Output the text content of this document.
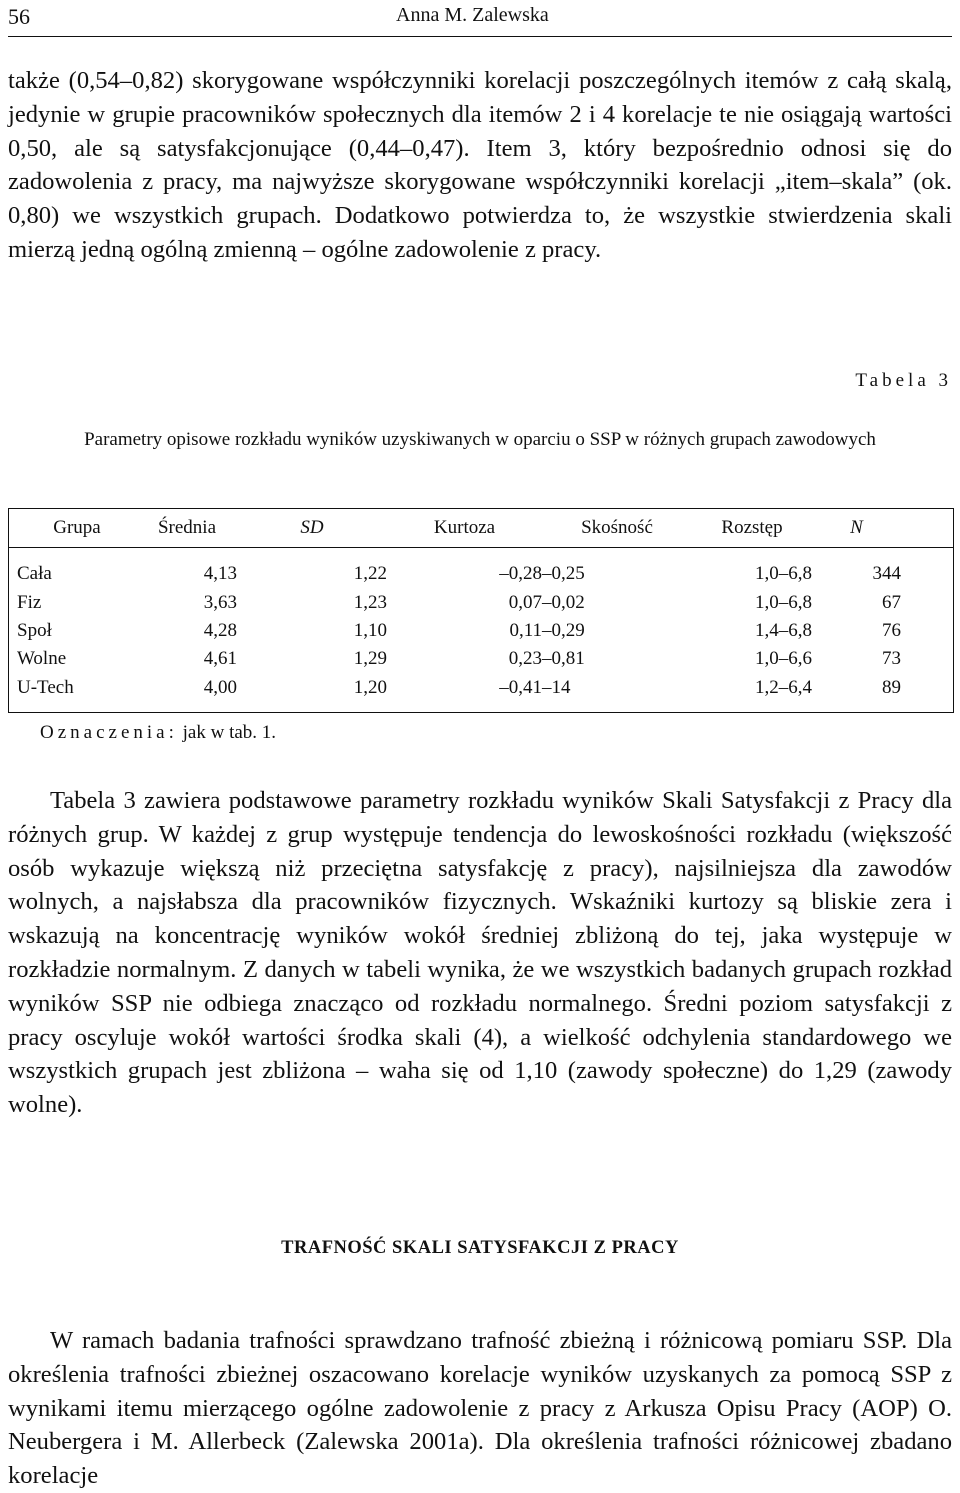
56	Anna M. Zalewska

także (0,54–0,82) skorygowane współczynniki korelacji poszczególnych itemów z całą skalą, jedynie w grupie pracowników społecznych dla itemów 2 i 4 korelacje te nie osiągają wartości 0,50, ale są satysfakcjonujące (0,44–0,47). Item 3, który bezpośrednio odnosi się do zadowolenia z pracy, ma najwyższe skorygowane współczynniki korelacji „item–skala” (ok. 0,80) we wszystkich grupach. Dodatkowo potwierdza to, że wszystkie stwierdzenia skali mierzą jedną ogólną zmienną – ogólne zadowolenie z pracy.

Tabela 3

Parametry opisowe rozkładu wyników uzyskiwanych w oparciu o SSP w różnych grupach zawodowych

Grupa	Średnia	SD	Kurtoza	Skośność	Rozstęp	N
Cała	4,13	1,22	–0,28	–0,25	1,0–6,8	344
Fiz	3,63	1,23	0,07	–0,02	1,0–6,8	67
Społ	4,28	1,10	0,11	–0,29	1,4–6,8	76
Wolne	4,61	1,29	0,23	–0,81	1,0–6,6	73
U-Tech	4,00	1,20	–0,41	–14	1,2–6,4	89
Oznaczenia: jak w tab. 1.

Tabela 3 zawiera podstawowe parametry rozkładu wyników Skali Satysfakcji z Pracy dla różnych grup. W każdej z grup występuje tendencja do lewoskośności rozkładu (większość osób wykazuje większą niż przeciętna satysfakcję z pracy), najsilniejsza dla zawodów wolnych, a najsłabsza dla pracowników fizycznych. Wskaźniki kurtozy są bliskie zera i wskazują na koncentrację wyników wokół średniej zbliżoną do tej, jaka występuje w rozkładzie normalnym. Z danych w tabeli wynika, że we wszystkich badanych grupach rozkład wyników SSP nie odbiega znacząco od rozkładu normalnego. Średni poziom satysfakcji z pracy oscyluje wokół wartości środka skali (4), a wielkość odchylenia standardowego we wszystkich grupach jest zbliżona – waha się od 1,10 (zawody społeczne) do 1,29 (zawody wolne).

TRAFNOŚĆ SKALI SATYSFAKCJI Z PRACY

W ramach badania trafności sprawdzano trafność zbieżną i różnicową pomiaru SSP. Dla określenia trafności zbieżnej oszacowano korelacje wyników uzyskanych za pomocą SSP z wynikami itemu mierzącego ogólne zadowolenie z pracy z Arkusza Opisu Pracy (AOP) O. Neubergera i M. Allerbeck (Zalewska 2001a). Dla określenia trafności różnicowej zbadano korelacje
